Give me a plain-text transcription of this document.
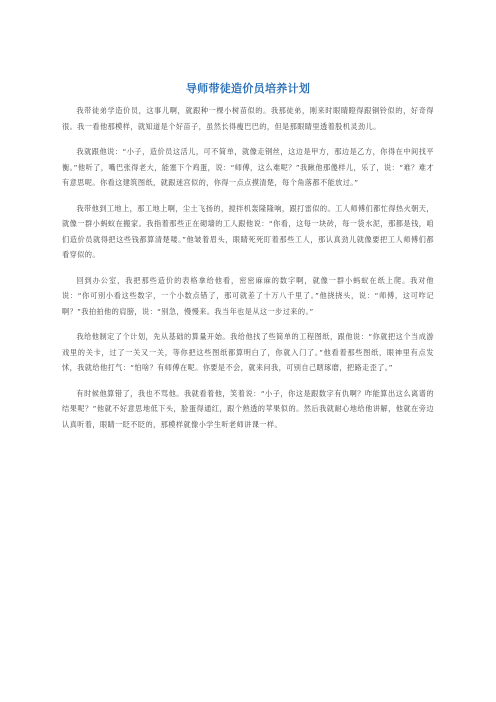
导师带徒造价员培养计划

我带徒弟学造价员，这事儿啊，就跟种一棵小树苗似的。我那徒弟，刚来时眼睛瞪得跟铜铃似的，好奇得很。我一看他那模样，就知道是个好苗子，虽然长得瘦巴巴的，但是那眼睛里透着股机灵劲儿。

我就跟他说：“小子，造价员这活儿，可不简单，就像走钢丝，这边是甲方，那边是乙方，你得在中间找平衡。”他听了，嘴巴张得老大，能塞下个鸡蛋，说：“师傅，这么难呢？”我瞅他那傻样儿，乐了，说：“难？难才有意思呢。你看这建筑图纸，就跟迷宫似的，你得一点点摸清楚，每个角落都不能放过。”

我带他到工地上，那工地上啊，尘土飞扬的，搅拌机轰隆隆响，跟打雷似的。工人师傅们都忙得热火朝天，就像一群小蚂蚁在搬家。我指着那些正在砌墙的工人跟他说：“你看，这每一块砖，每一袋水泥，那都是钱，咱们造价员就得把这些钱都算清楚喽。”他皱着眉头，眼睛死死盯着那些工人，那认真劲儿就像要把工人师傅们都看穿似的。

回到办公室，我把那些造价的表格拿给他看，密密麻麻的数字啊，就像一群小蚂蚁在纸上爬。我对他说：“你可别小看这些数字，一个小数点错了，那可就差了十万八千里了。”他挠挠头，说：“师傅，这可咋记啊？”我拍拍他的肩膀，说：“别急，慢慢来。我当年也是从这一步过来的。”

我给他制定了个计划，先从基础的算量开始。我给他找了些简单的工程图纸，跟他说：“你就把这个当成游戏里的关卡，过了一关又一关，等你把这些图纸都算明白了，你就入门了。”他看着那些图纸，眼神里有点发怵，我就给他打气：“怕啥？有师傅在呢。你要是不会，就来问我，可别自己瞎琢磨，把路走歪了。”

有时候他算错了，我也不骂他。我就看着他，笑着说：“小子，你这是跟数字有仇啊？咋能算出这么离谱的结果呢？”他就不好意思地低下头，脸蛋得通红，跟个熟透的苹果似的。然后我就耐心地给他讲解，他就在旁边认真听着，眼睛一眨不眨的，那模样就像小学生听老师讲课一样。
